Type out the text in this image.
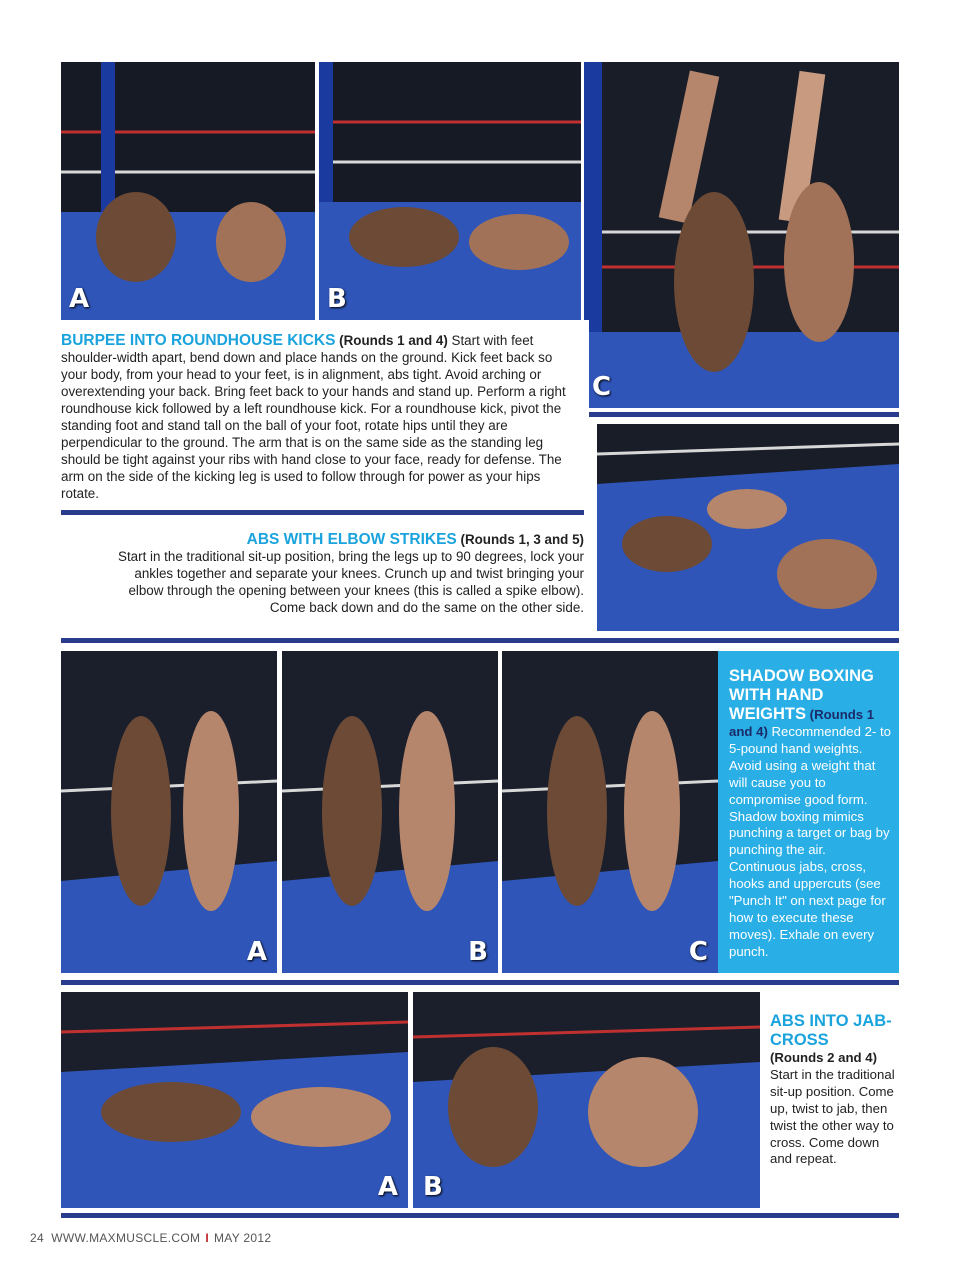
A	B
C
BURPEE INTO ROUNDHOUSE KICKS (Rounds 1 and 4) Start with feet shoulder-width apart, bend down and place hands on the ground. Kick feet back so your body, from your head to your feet, is in alignment, abs tight. Avoid arching or overextending your back. Bring feet back to your hands and stand up. Perform a right roundhouse kick followed by a left roundhouse kick. For a roundhouse kick, pivot the standing foot and stand tall on the ball of your foot, rotate hips until they are perpendicular to the ground. The arm that is on the same side as the standing leg should be tight against your ribs with hand close to your face, ready for defense. The arm on the side of the kicking leg is used to follow through for power as your hips rotate.
ABS WITH ELBOW STRIKES (Rounds 1, 3 and 5)
Start in the traditional sit-up position, bring the legs up to 90 degrees, lock your ankles together and separate your knees. Crunch up and twist bringing your elbow through the opening between your knees (this is called a spike elbow). Come back down and do the same on the other side.
A	B	C
SHADOW BOXING WITH HAND WEIGHTS (Rounds 1 and 4) Recommended 2- to 5-pound hand weights. Avoid using a weight that will cause you to compromise good form. Shadow boxing mimics punching a target or bag by punching the air. Continuous jabs, cross, hooks and uppercuts (see "Punch It" on next page for how to execute these moves). Exhale on every punch.
A B
ABS INTO JAB-CROSS
(Rounds 2 and 4) Start in the traditional sit-up position. Come up, twist to jab, then twist the other way to cross. Come down and repeat.
24 WWW.MAXMUSCLE.COM I MAY 2012
